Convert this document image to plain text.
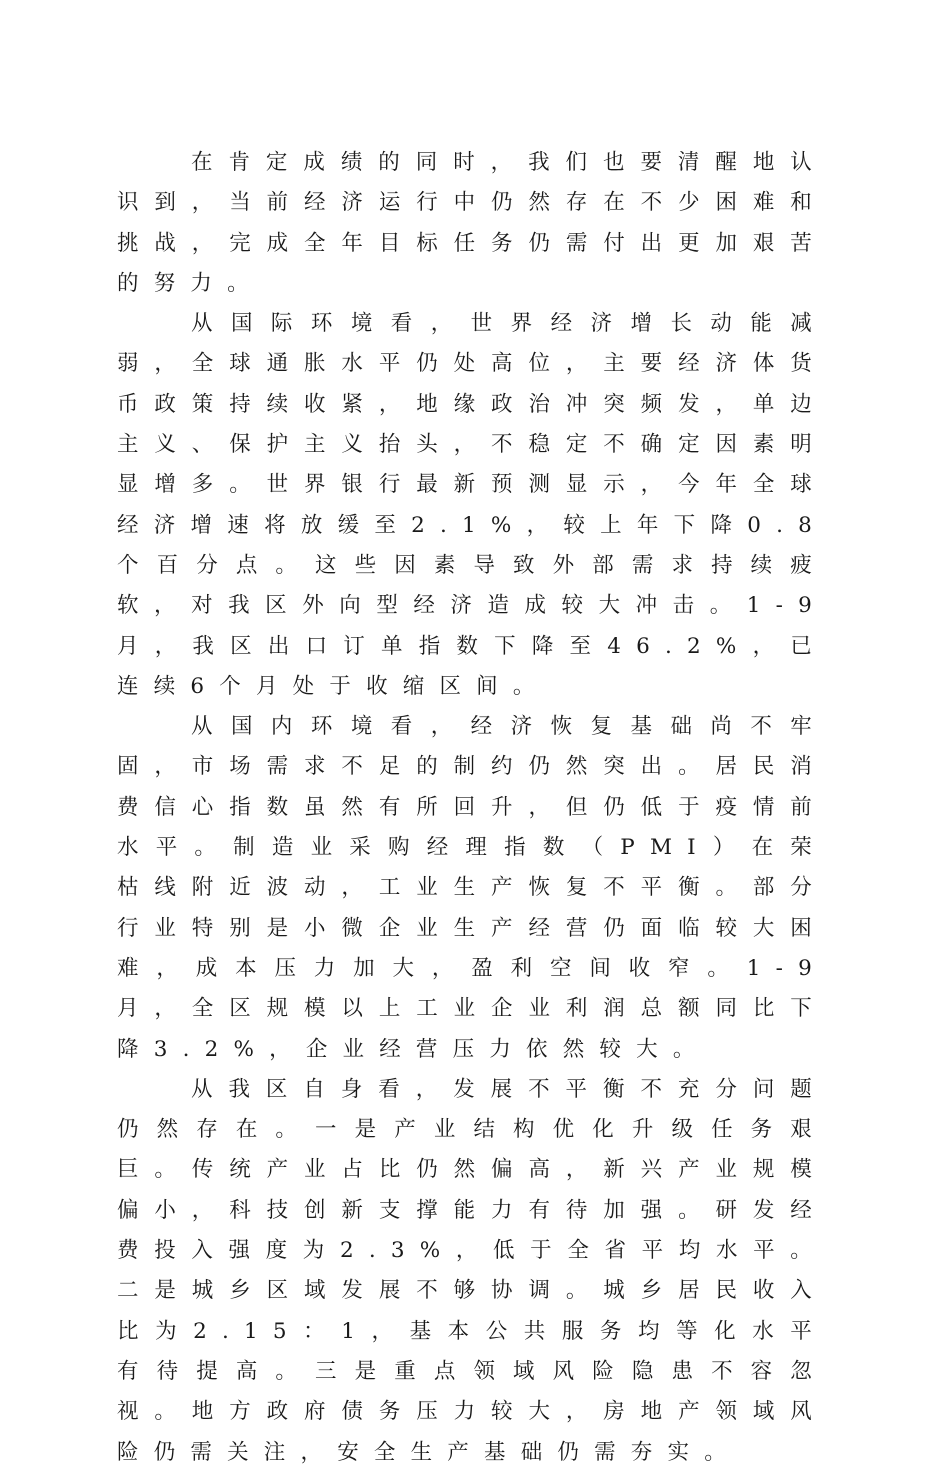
在肯定成绩的同时，我们也要清醒地认识到，当前经济运行中仍然存在不少困难和挑战，完成全年目标任务仍需付出更加艰苦的努力。

从国际环境看，世界经济增长动能减弱，全球通胀水平仍处高位，主要经济体货币政策持续收紧，地缘政治冲突频发，单边主义、保护主义抬头，不稳定不确定因素明显增多。世界银行最新预测显示，今年全球经济增速将放缓至2.1%，较上年下降0.8个百分点。这些因素导致外部需求持续疲软，对我区外向型经济造成较大冲击。1-9月，我区出口订单指数下降至46.2%，已连续6个月处于收缩区间。

从国内环境看，经济恢复基础尚不牢固，市场需求不足的制约仍然突出。居民消费信心指数虽然有所回升，但仍低于疫情前水平。制造业采购经理指数（PMI）在荣枯线附近波动，工业生产恢复不平衡。部分行业特别是小微企业生产经营仍面临较大困难，成本压力加大，盈利空间收窄。1-9月，全区规模以上工业企业利润总额同比下降3.2%，企业经营压力依然较大。

从我区自身看，发展不平衡不充分问题仍然存在。一是产业结构优化升级任务艰巨。传统产业占比仍然偏高，新兴产业规模偏小，科技创新支撑能力有待加强。研发经费投入强度为2.3%，低于全省平均水平。二是城乡区域发展不够协调。城乡居民收入比为2.15：1，基本公共服务均等化水平有待提高。三是重点领域风险隐患不容忽视。地方政府债务压力较大，房地产领域风险仍需关注，安全生产基础仍需夯实。
